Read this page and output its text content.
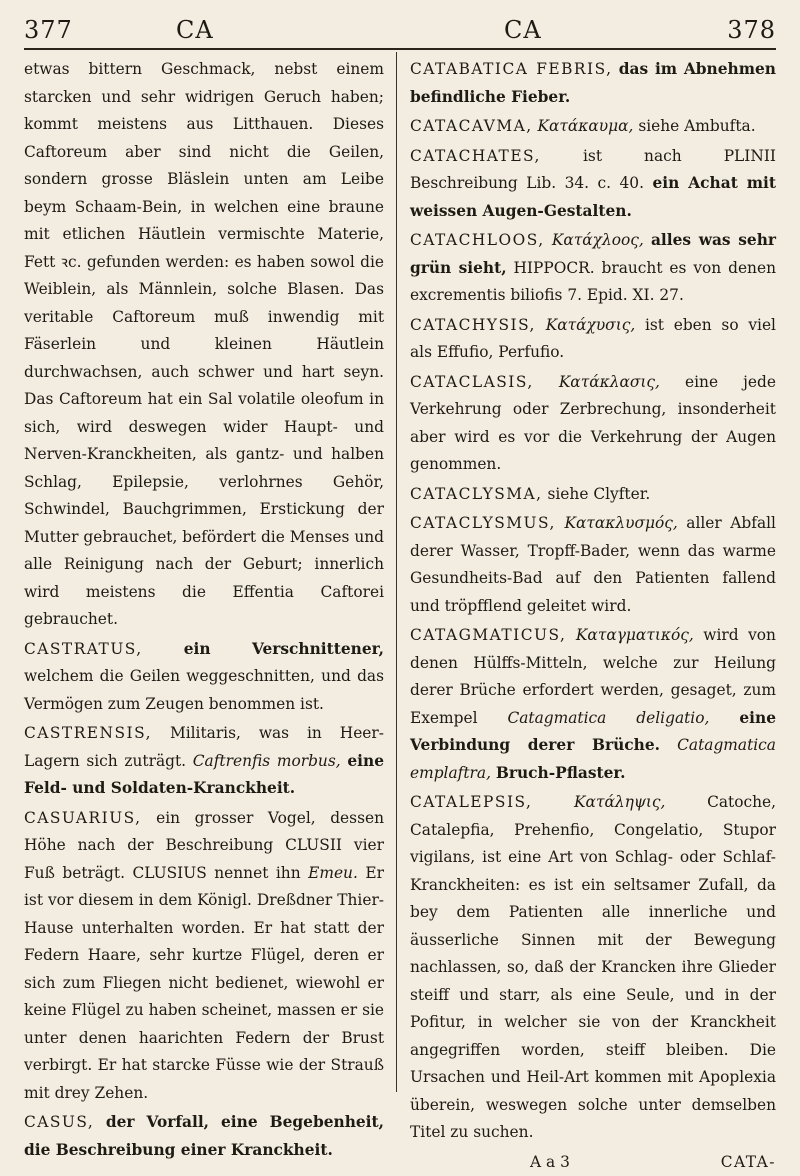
377	CA	CA	378

etwas bittern Geschmack, nebst einem starcken und sehr widrigen Geruch haben; kommt meistens aus Litthauen. Dieses Caftoreum aber sind nicht die Geilen, sondern grosse Bläslein unten am Leibe beym Schaam-Bein, in welchen eine braune mit etlichen Häutlein vermischte Materie, Fett ꝛc. gefunden werden: es haben sowol die Weiblein, als Männlein, solche Blasen. Das veritable Caftoreum muß inwendig mit Fäserlein und kleinen Häutlein durchwachsen, auch schwer und hart seyn. Das Caftoreum hat ein Sal volatile oleofum in sich, wird deswegen wider Haupt- und Nerven-Kranckheiten, als gantz- und halben Schlag, Epilepsie, verlohrnes Gehör, Schwindel, Bauchgrimmen, Erstickung der Mutter gebrauchet, befördert die Menses und alle Reinigung nach der Geburt; innerlich wird meistens die Effentia Caftorei gebrauchet.

CASTRATUS,	ein Verschnittener, welchem die Geilen weggeschnitten, und das Vermögen zum Zeugen benommen ist.

CASTRENSIS, Militaris, was in Heer-Lagern sich zuträgt. Caftrenfis morbus, eine Feld- und Soldaten-Kranckheit.

CASUARIUS, ein grosser Vogel, dessen Höhe nach der Beschreibung CLUSII vier Fuß beträgt. CLUSIUS nennet ihn Emeu. Er ist vor diesem in dem Königl. Dreßdner Thier-Hause unterhalten worden. Er hat statt der Federn Haare, sehr kurtze Flügel, deren er sich zum Fliegen nicht bedienet, wiewohl er keine Flügel zu haben scheinet, massen er sie unter denen haarichten Federn der Brust verbirgt. Er hat starcke Füsse wie der Strauß mit drey Zehen.

CASUS, der Vorfall, eine Begebenheit, die Beschreibung einer Kranckheit.

CATABATICA FEBRIS, das im Abnehmen befindliche Fieber.

CATACAVMA, Κατάκαυμα, siehe Ambufta.

CATACHATES,	ist nach PLINII Beschreibung Lib. 34. c. 40. ein Achat mit weissen Augen-Gestalten.

CATACHLOOS, Κατάχλοος, alles was sehr grün sieht, HIPPOCR. braucht es von denen excrementis biliofis 7. Epid. XI. 27.

CATACHYSIS, Κατάχυσις, ist eben so viel als Effufio, Perfufio.

CATACLASIS, Κατάκλασις, eine jede Verkehrung oder Zerbrechung, insonderheit aber wird es vor die Verkehrung der Augen genommen.

CATACLYSMA, siehe Clyfter.

CATACLYSMUS, Κατακλυσμός, aller Abfall derer Wasser, Tropff-Bader, wenn das warme Gesundheits-Bad auf den Patienten fallend und tröpfflend geleitet wird.

CATAGMATICUS, Καταγματικός, wird von denen Hülffs-Mitteln, welche zur Heilung derer Brüche erfordert werden, gesaget, zum Exempel Catagmatica deligatio, eine Verbindung derer Brüche. Catagmatica emplaftra, Bruch-Pflaster.

CATALEPSIS,	Κατάληψις,	Catoche, Catalepfia, Prehenfio, Congelatio, Stupor vigilans, ist eine Art von Schlag- oder Schlaf-Kranckheiten: es ist ein seltsamer Zufall, da bey dem Patienten alle innerliche und äusserliche Sinnen mit der Bewegung nachlassen, so, daß der Krancken ihre Glieder steiff und starr, als eine Seule, und in der Pofitur, in welcher sie von der Kranckheit angegriffen worden, steiff bleiben. Die Ursachen und Heil-Art kommen mit Apoplexia überein, weswegen solche unter demselben Titel zu suchen.

A a 3	CATA-
